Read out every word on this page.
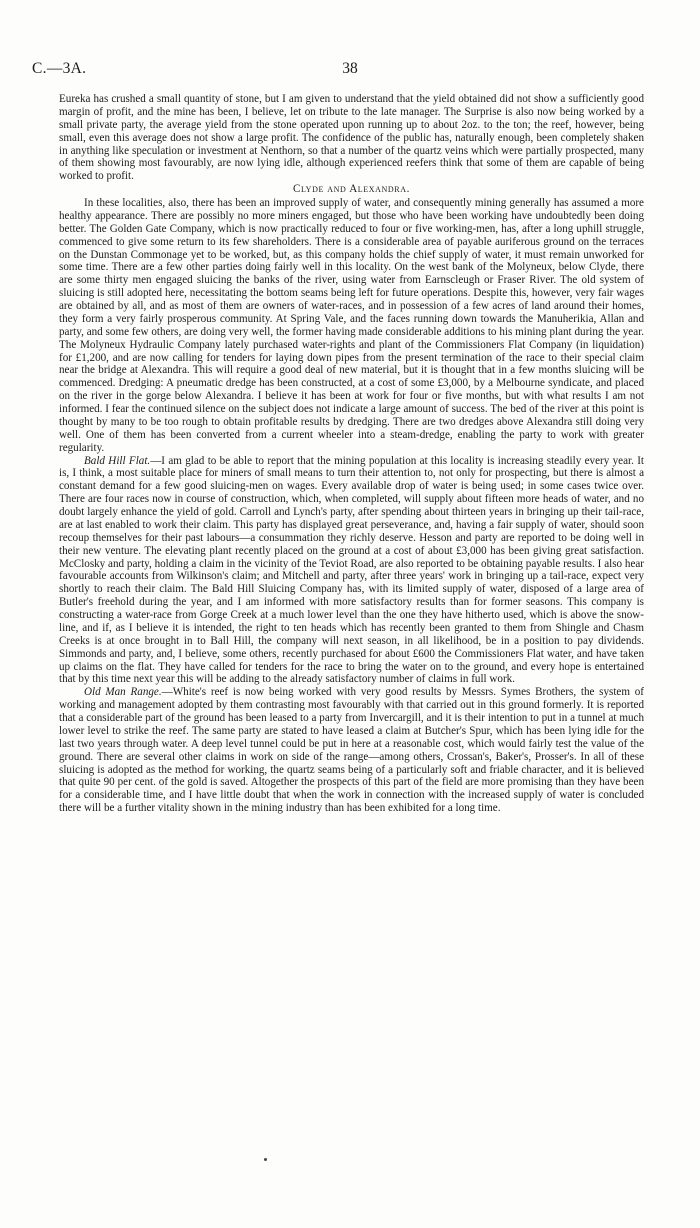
C.—3A.	38

Eureka has crushed a small quantity of stone, but I am given to understand that the yield obtained did not show a sufficiently good margin of profit, and the mine has been, I believe, let on tribute to the late manager. The Surprise is also now being worked by a small private party, the average yield from the stone operated upon running up to about 2oz. to the ton; the reef, however, being small, even this average does not show a large profit. The confidence of the public has, naturally enough, been completely shaken in anything like speculation or investment at Nenthorn, so that a number of the quartz veins which were partially prospected, many of them showing most favourably, are now lying idle, although experienced reefers think that some of them are capable of being worked to profit.

Clyde and Alexandra.

In these localities, also, there has been an improved supply of water, and consequently mining generally has assumed a more healthy appearance. There are possibly no more miners engaged, but those who have been working have undoubtedly been doing better. The Golden Gate Company, which is now practically reduced to four or five working-men, has, after a long uphill struggle, commenced to give some return to its few shareholders. There is a considerable area of payable auriferous ground on the terraces on the Dunstan Commonage yet to be worked, but, as this company holds the chief supply of water, it must remain unworked for some time. There are a few other parties doing fairly well in this locality. On the west bank of the Molyneux, below Clyde, there are some thirty men engaged sluicing the banks of the river, using water from Earnscleugh or Fraser River. The old system of sluicing is still adopted here, necessitating the bottom seams being left for future operations. Despite this, however, very fair wages are obtained by all, and as most of them are owners of water-races, and in possession of a few acres of land around their homes, they form a very fairly prosperous community. At Spring Vale, and the faces running down towards the Manuherikia, Allan and party, and some few others, are doing very well, the former having made considerable additions to his mining plant during the year. The Molyneux Hydraulic Company lately purchased water-rights and plant of the Commissioners Flat Company (in liquidation) for £1,200, and are now calling for tenders for laying down pipes from the present termination of the race to their special claim near the bridge at Alexandra. This will require a good deal of new material, but it is thought that in a few months sluicing will be commenced. Dredging: A pneumatic dredge has been constructed, at a cost of some £3,000, by a Melbourne syndicate, and placed on the river in the gorge below Alexandra. I believe it has been at work for four or five months, but with what results I am not informed. I fear the continued silence on the subject does not indicate a large amount of success. The bed of the river at this point is thought by many to be too rough to obtain profitable results by dredging. There are two dredges above Alexandra still doing very well. One of them has been converted from a current wheeler into a steam-dredge, enabling the party to work with greater regularity.

Bald Hill Flat.—I am glad to be able to report that the mining population at this locality is increasing steadily every year. It is, I think, a most suitable place for miners of small means to turn their attention to, not only for prospecting, but there is almost a constant demand for a few good sluicing-men on wages. Every available drop of water is being used; in some cases twice over. There are four races now in course of construction, which, when completed, will supply about fifteen more heads of water, and no doubt largely enhance the yield of gold. Carroll and Lynch's party, after spending about thirteen years in bringing up their tail-race, are at last enabled to work their claim. This party has displayed great perseverance, and, having a fair supply of water, should soon recoup themselves for their past labours—a consummation they richly deserve. Hesson and party are reported to be doing well in their new venture. The elevating plant recently placed on the ground at a cost of about £3,000 has been giving great satisfaction. McClosky and party, holding a claim in the vicinity of the Teviot Road, are also reported to be obtaining payable results. I also hear favourable accounts from Wilkinson's claim; and Mitchell and party, after three years' work in bringing up a tail-race, expect very shortly to reach their claim. The Bald Hill Sluicing Company has, with its limited supply of water, disposed of a large area of Butler's freehold during the year, and I am informed with more satisfactory results than for former seasons. This company is constructing a water-race from Gorge Creek at a much lower level than the one they have hitherto used, which is above the snow-line, and if, as I believe it is intended, the right to ten heads which has recently been granted to them from Shingle and Chasm Creeks is at once brought in to Ball Hill, the company will next season, in all likelihood, be in a position to pay dividends. Simmonds and party, and, I believe, some others, recently purchased for about £600 the Commissioners Flat water, and have taken up claims on the flat. They have called for tenders for the race to bring the water on to the ground, and every hope is entertained that by this time next year this will be adding to the already satisfactory number of claims in full work.

Old Man Range.—White's reef is now being worked with very good results by Messrs. Symes Brothers, the system of working and management adopted by them contrasting most favourably with that carried out in this ground formerly. It is reported that a considerable part of the ground has been leased to a party from Invercargill, and it is their intention to put in a tunnel at much lower level to strike the reef. The same party are stated to have leased a claim at Butcher's Spur, which has been lying idle for the last two years through water. A deep level tunnel could be put in here at a reasonable cost, which would fairly test the value of the ground. There are several other claims in work on side of the range—among others, Crossan's, Baker's, Prosser's. In all of these sluicing is adopted as the method for working, the quartz seams being of a particularly soft and friable character, and it is believed that quite 90 per cent. of the gold is saved. Altogether the prospects of this part of the field are more promising than they have been for a considerable time, and I have little doubt that when the work in connection with the increased supply of water is concluded there will be a further vitality shown in the mining industry than has been exhibited for a long time.
